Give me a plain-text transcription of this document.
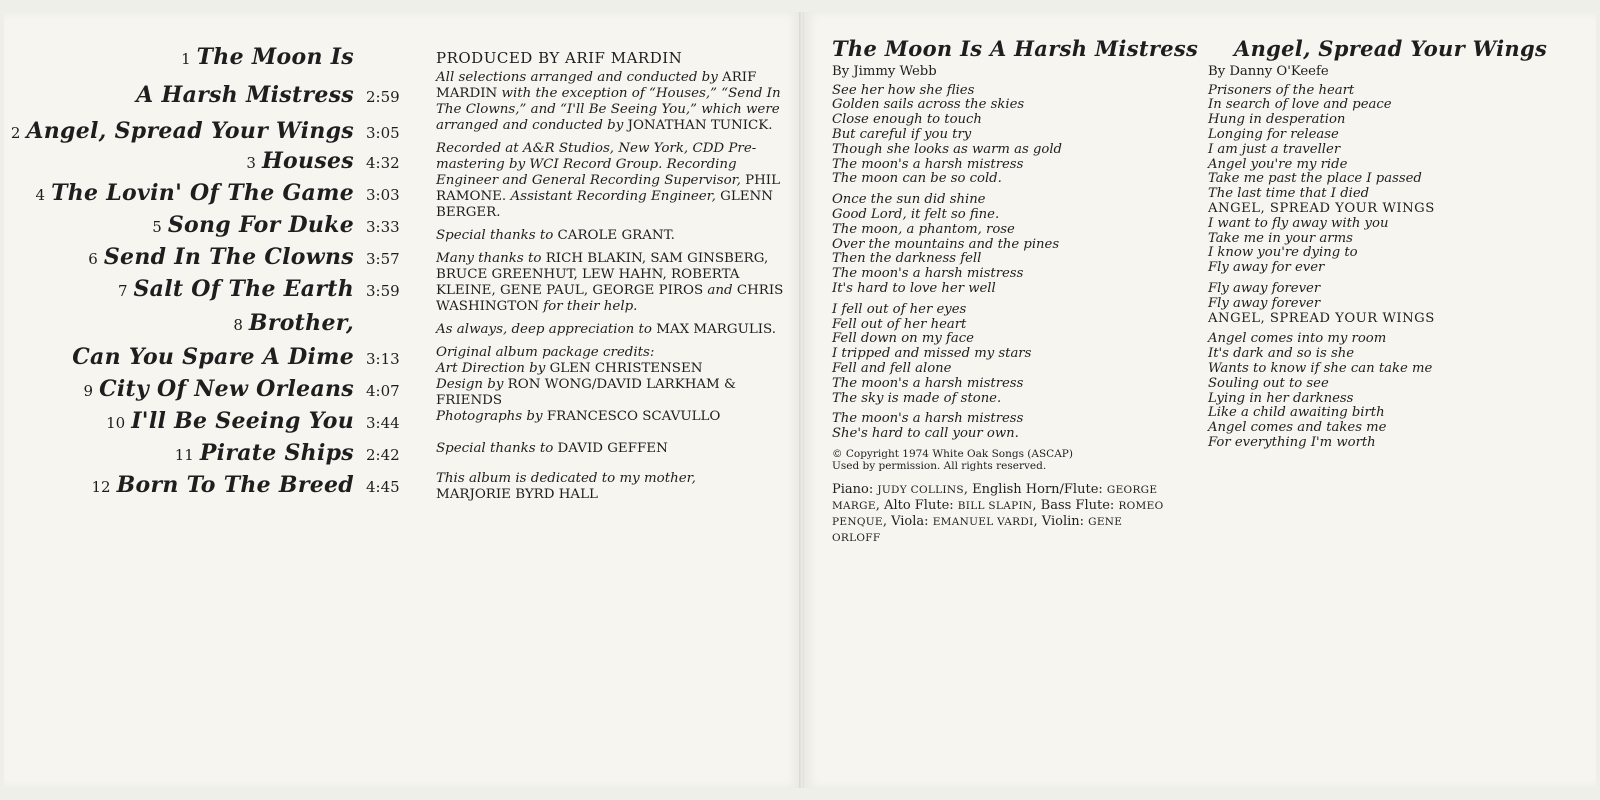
1 The Moon Is
A Harsh Mistress 2:59
2 Angel, Spread Your Wings 3:05
3 Houses 4:32
4 The Lovin' Of The Game 3:03
5 Song For Duke 3:33
6 Send In The Clowns 3:57
7 Salt Of The Earth 3:59
8 Brother,
Can You Spare A Dime 3:13
9 City Of New Orleans 4:07
10 I'll Be Seeing You 3:44
11 Pirate Ships 2:42
12 Born To The Breed 4:45

PRODUCED BY ARIF MARDIN

All selections arranged and conducted by ARIF MARDIN with the exception of “Houses,” “Send In The Clowns,” and “I'll Be Seeing You,” which were arranged and conducted by JONATHAN TUNICK.

Recorded at A&R Studios, New York, CDD Pre-mastering by WCI Record Group. Recording Engineer and General Recording Supervisor, PHIL RAMONE. Assistant Recording Engineer, GLENN BERGER.

Special thanks to CAROLE GRANT.

Many thanks to RICH BLAKIN, SAM GINSBERG, BRUCE GREENHUT, LEW HAHN, ROBERTA KLEINE, GENE PAUL, GEORGE PIROS and CHRIS WASHINGTON for their help.

As always, deep appreciation to MAX MARGULIS.

Original album package credits:
Art Direction by GLEN CHRISTENSEN
Design by RON WONG/DAVID LARKHAM & FRIENDS
Photographs by FRANCESCO SCAVULLO

Special thanks to DAVID GEFFEN

This album is dedicated to my mother,
MARJORIE BYRD HALL

The Moon Is A Harsh Mistress

By Jimmy Webb

See her how she flies
Golden sails across the skies
Close enough to touch
But careful if you try
Though she looks as warm as gold
The moon's a harsh mistress
The moon can be so cold.
Once the sun did shine
Good Lord, it felt so fine.
The moon, a phantom, rose
Over the mountains and the pines
Then the darkness fell
The moon's a harsh mistress
It's hard to love her well
I fell out of her eyes
Fell out of her heart
Fell down on my face
I tripped and missed my stars
Fell and fell alone
The moon's a harsh mistress
The sky is made of stone.
The moon's a harsh mistress
She's hard to call your own.
© Copyright 1974 White Oak Songs (ASCAP)
Used by permission. All rights reserved.
Piano: JUDY COLLINS, English Horn/Flute: GEORGE MARGE, Alto Flute: BILL SLAPIN, Bass Flute: ROMEO PENQUE, Viola: EMANUEL VARDI, Violin: GENE ORLOFF
Angel, Spread Your Wings

By Danny O'Keefe

Prisoners of the heart
In search of love and peace
Hung in desperation
Longing for release
I am just a traveller
Angel you're my ride
Take me past the place I passed
The last time that I died
ANGEL, SPREAD YOUR WINGS
I want to fly away with you
Take me in your arms
I know you're dying to
Fly away for ever
Fly away forever
Fly away forever
ANGEL, SPREAD YOUR WINGS
Angel comes into my room
It's dark and so is she
Wants to know if she can take me
Souling out to see
Lying in her darkness
Like a child awaiting birth
Angel comes and takes me
For everything I'm worth
